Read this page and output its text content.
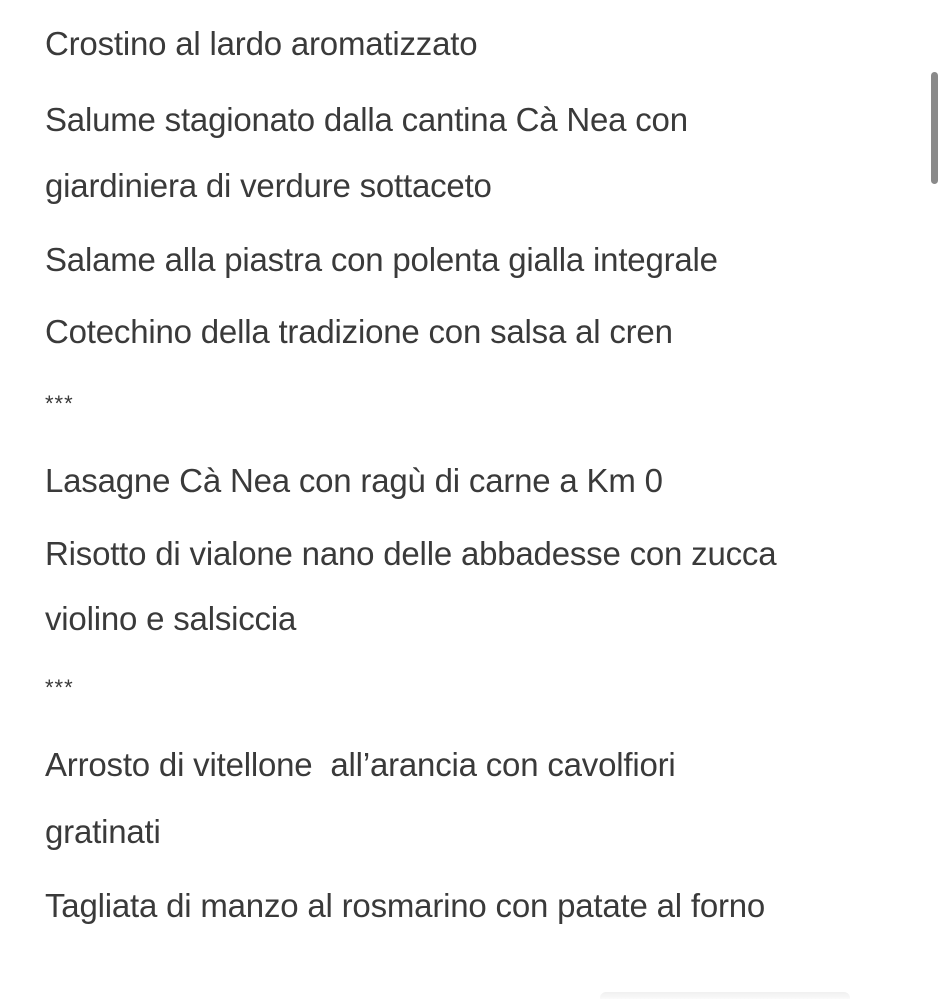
Crostino al lardo aromatizzato
Salume stagionato dalla cantina Cà Nea con
giardiniera di verdure sottaceto
Salame alla piastra con polenta gialla integrale
Cotechino della tradizione con salsa al cren
***
Lasagne Cà Nea con ragù di carne a Km 0
Risotto di vialone nano delle abbadesse con zucca
violino e salsiccia
***
Arrosto di vitellone  all’arancia con cavolfiori
gratinati
Tagliata di manzo al rosmarino con patate al forno
